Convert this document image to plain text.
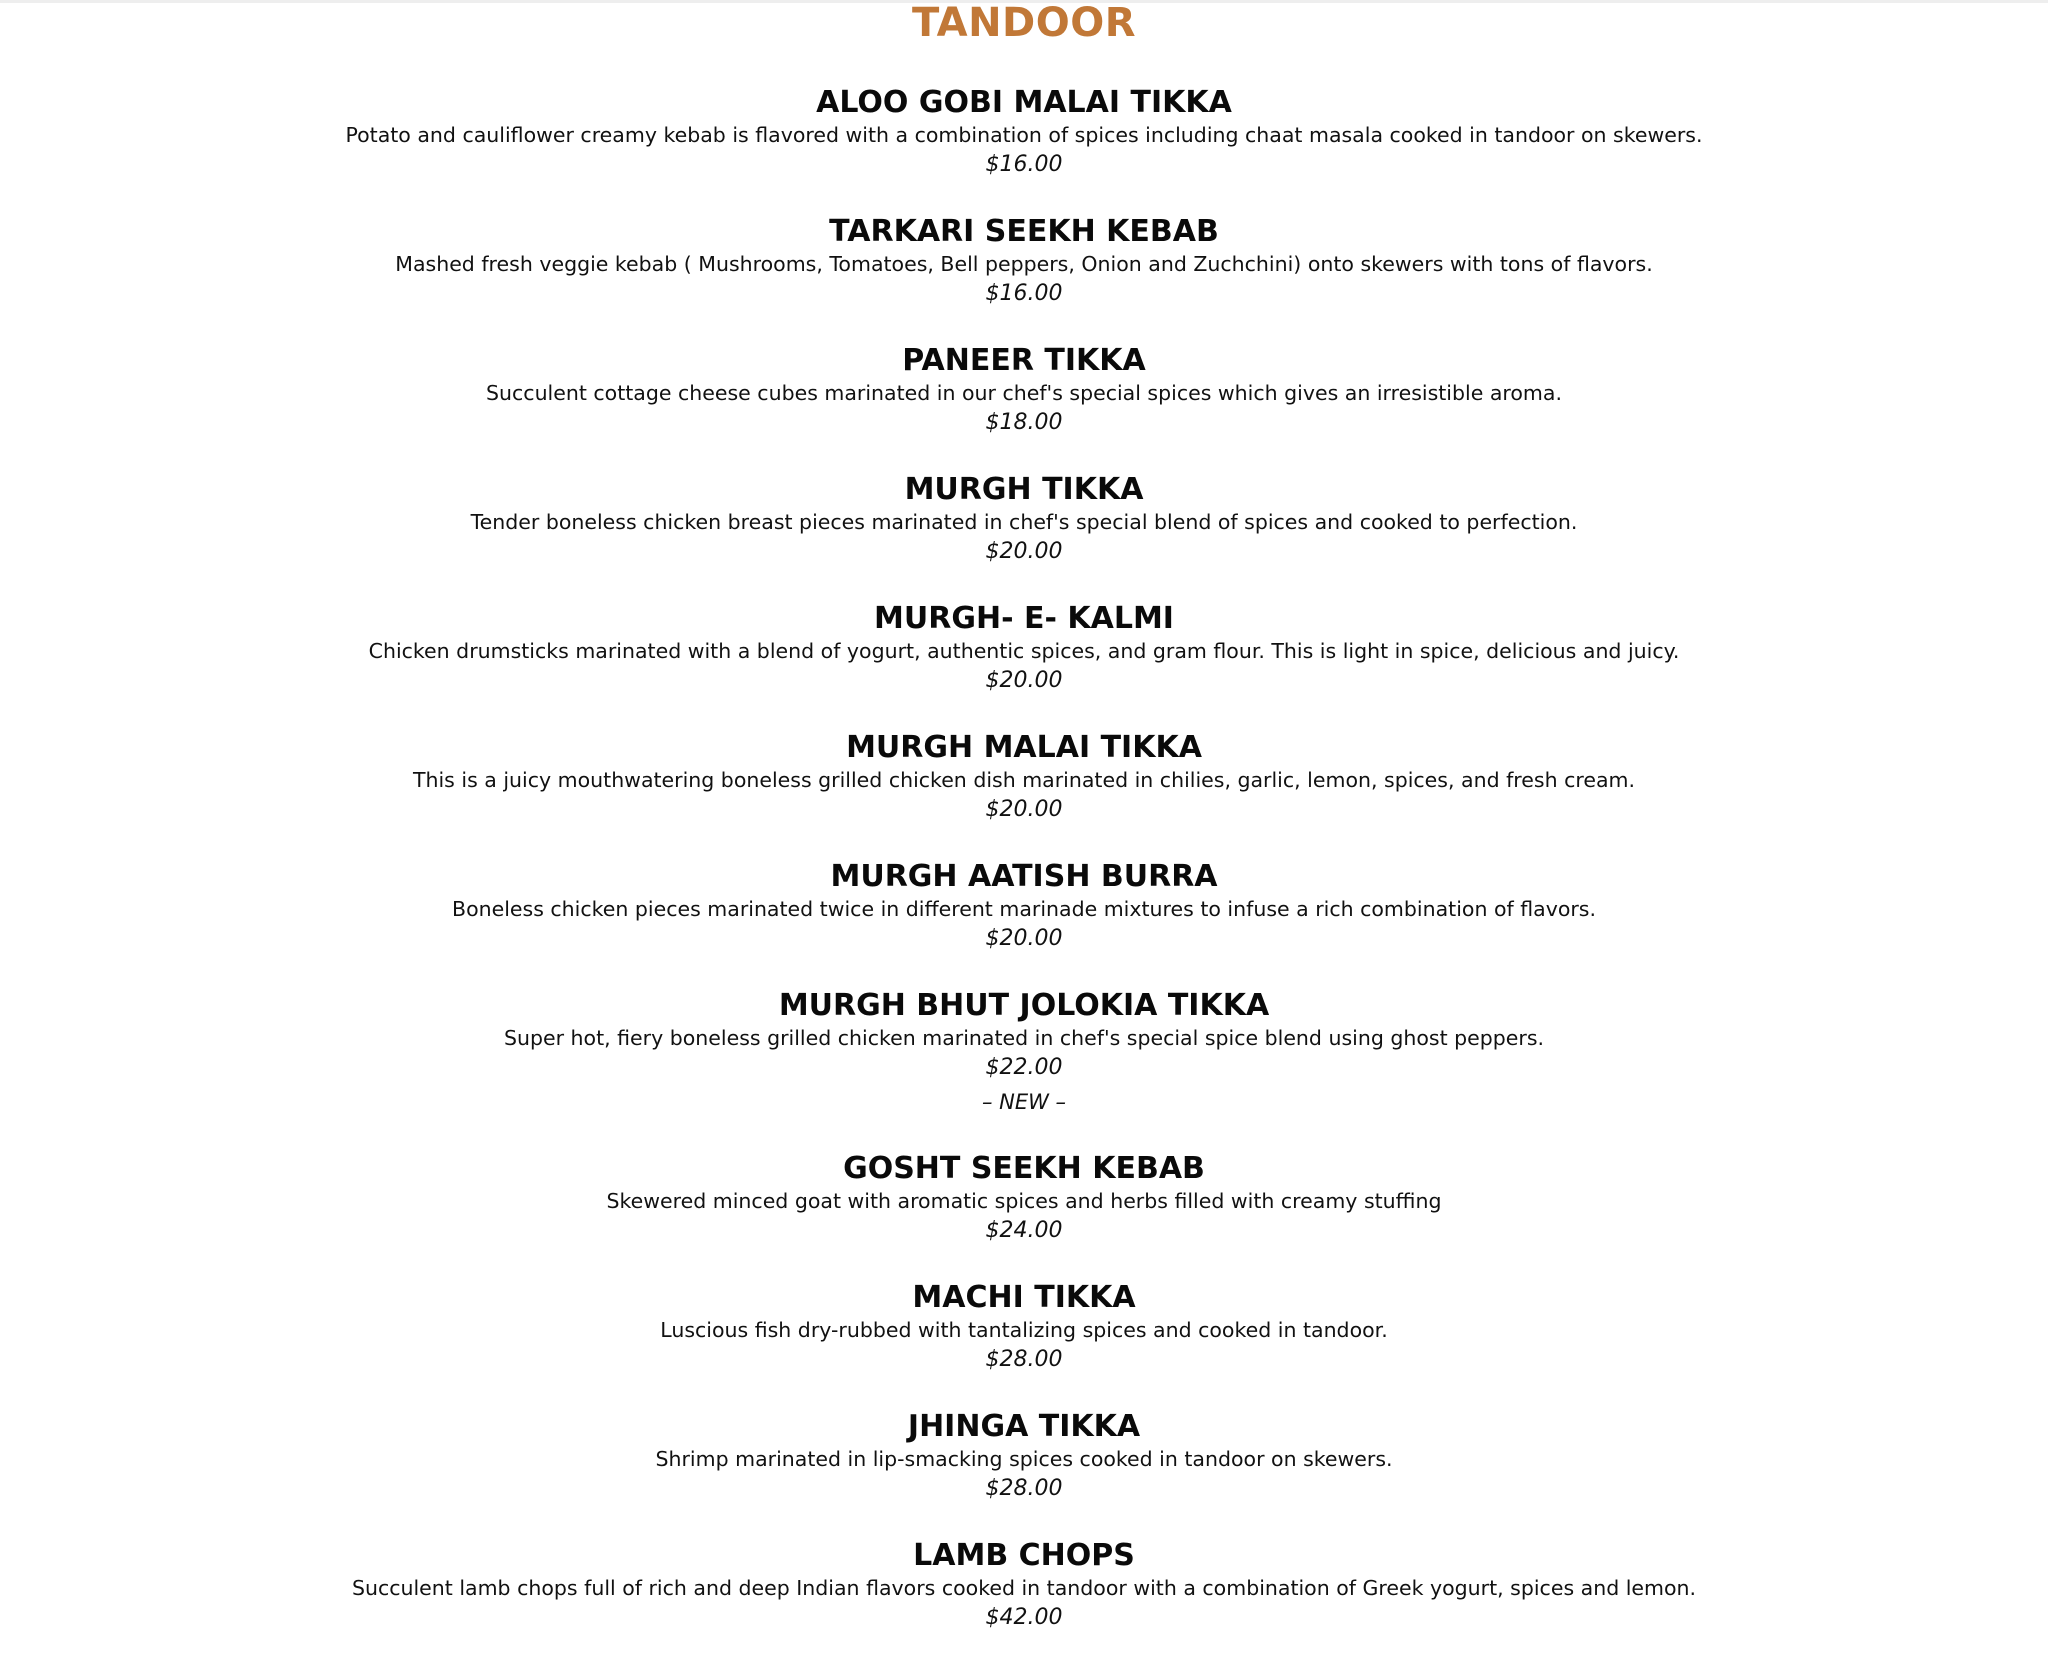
TANDOOR
ALOO GOBI MALAI TIKKA
Potato and cauliflower creamy kebab is flavored with a combination of spices including chaat masala cooked in tandoor on skewers.
$16.00
TARKARI SEEKH KEBAB
Mashed fresh veggie kebab ( Mushrooms, Tomatoes, Bell peppers, Onion and Zuchchini) onto skewers with tons of flavors.
$16.00
PANEER TIKKA
Succulent cottage cheese cubes marinated in our chef's special spices which gives an irresistible aroma.
$18.00
MURGH TIKKA
Tender boneless chicken breast pieces marinated in chef's special blend of spices and cooked to perfection.
$20.00
MURGH- E- KALMI
Chicken drumsticks marinated with a blend of yogurt, authentic spices, and gram flour. This is light in spice, delicious and juicy.
$20.00
MURGH MALAI TIKKA
This is a juicy mouthwatering boneless grilled chicken dish marinated in chilies, garlic, lemon, spices, and fresh cream.
$20.00
MURGH AATISH BURRA
Boneless chicken pieces marinated twice in different marinade mixtures to infuse a rich combination of flavors.
$20.00
MURGH BHUT JOLOKIA TIKKA
Super hot, fiery boneless grilled chicken marinated in chef's special spice blend using ghost peppers.
$22.00
– NEW –
GOSHT SEEKH KEBAB
Skewered minced goat with aromatic spices and herbs filled with creamy stuffing
$24.00
MACHI TIKKA
Luscious fish dry-rubbed with tantalizing spices and cooked in tandoor.
$28.00
JHINGA TIKKA
Shrimp marinated in lip-smacking spices cooked in tandoor on skewers.
$28.00
LAMB CHOPS
Succulent lamb chops full of rich and deep Indian flavors cooked in tandoor with a combination of Greek yogurt, spices and lemon.
$42.00
